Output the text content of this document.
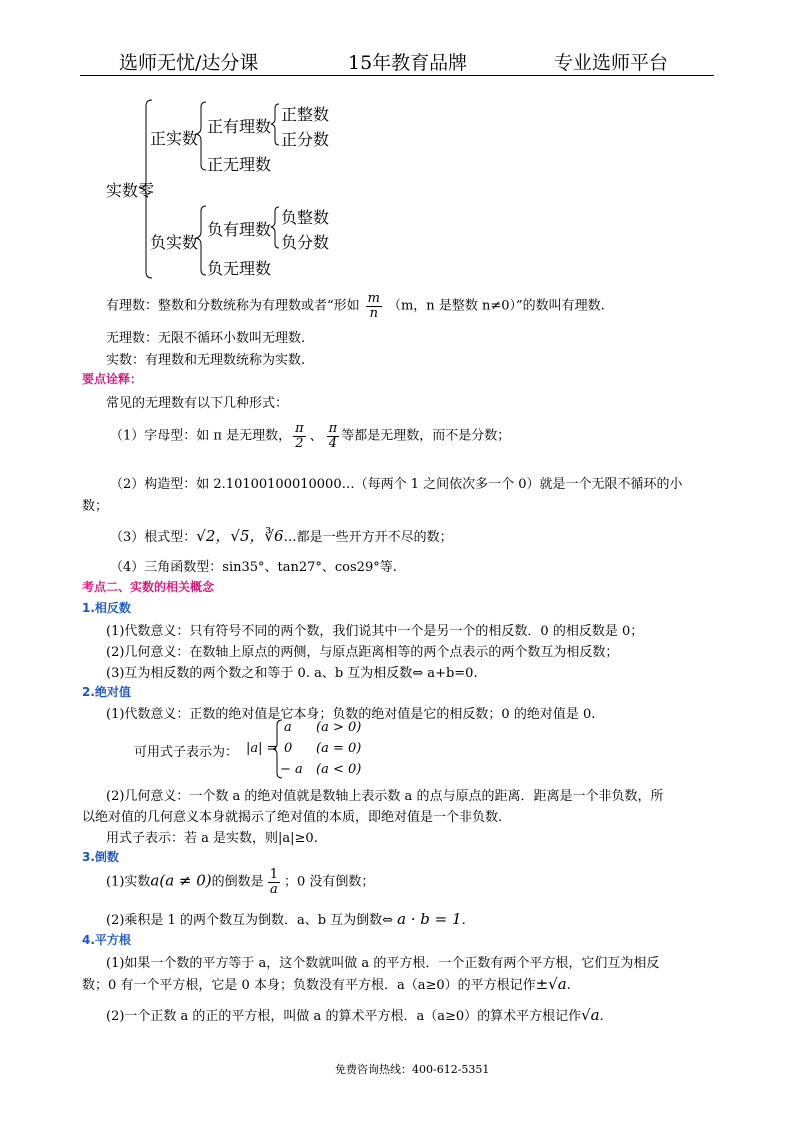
选师无忧/达分课	15年教育品牌	专业选师平台
实数零
正实数
正有理数
正整数
正分数
正无理数
负实数
负有理数
负整数
负分数
负无理数
有理数：整数和分数统称为有理数或者“形如 $\frac{m}{n} (m$，n 是整数 n≠0）”的数叫有理数.
无理数：无限不循环小数叫无理数.
实数：有理数和无理数统称为实数.
要点诠释：
常见的无理数有以下几种形式：
（1）字母型：如 π 是无理数， $\frac{\pi}{2}$ 、 $\frac{\pi}{4}$ 等都是无理数，而不是分数；
（2）构造型：如 2.10100100010000…（每两个 1 之间依次多一个 0）就是一个无限不循环的小
数；
（3）根式型：√2，√5，∛6…都是一些开方开不尽的数；
（4）三角函数型：sin35°、tan27°、cos29°等.
考点二、实数的相关概念
1.相反数
(1)代数意义：只有符号不同的两个数，我们说其中一个是另一个的相反数．0 的相反数是 0；
(2)几何意义：在数轴上原点的两侧，与原点距离相等的两个点表示的两个数互为相反数；
(3)互为相反数的两个数之和等于 0. a、b 互为相反数⇔ a+b=0.
2.绝对值
(1)代数意义：正数的绝对值是它本身；负数的绝对值是它的相反数；0 的绝对值是 0.
可用式子表示为： |a| =
a (a > 0)
0 (a = 0)
− a (a < 0)
(2)几何意义：一个数 a 的绝对值就是数轴上表示数 a 的点与原点的距离．距离是一个非负数，所
以绝对值的几何意义本身就揭示了绝对值的本质，即绝对值是一个非负数.
用式子表示：若 a 是实数，则|a|≥0.
3.倒数
(1)实数a(a ≠ 0)的倒数是 $\frac{1}{a}$ ；0 没有倒数；
(2)乘积是 1 的两个数互为倒数．a、b 互为倒数⇔ a · b = 1.
4.平方根
(1)如果一个数的平方等于 a，这个数就叫做 a 的平方根．一个正数有两个平方根，它们互为相反
数；0 有一个平方根，它是 0 本身；负数没有平方根．a（a≥0）的平方根记作±√a.
(2)一个正数 a 的正的平方根，叫做 a 的算术平方根．a（a≥0）的算术平方根记作√a.
免费咨询热线：400-612-5351
